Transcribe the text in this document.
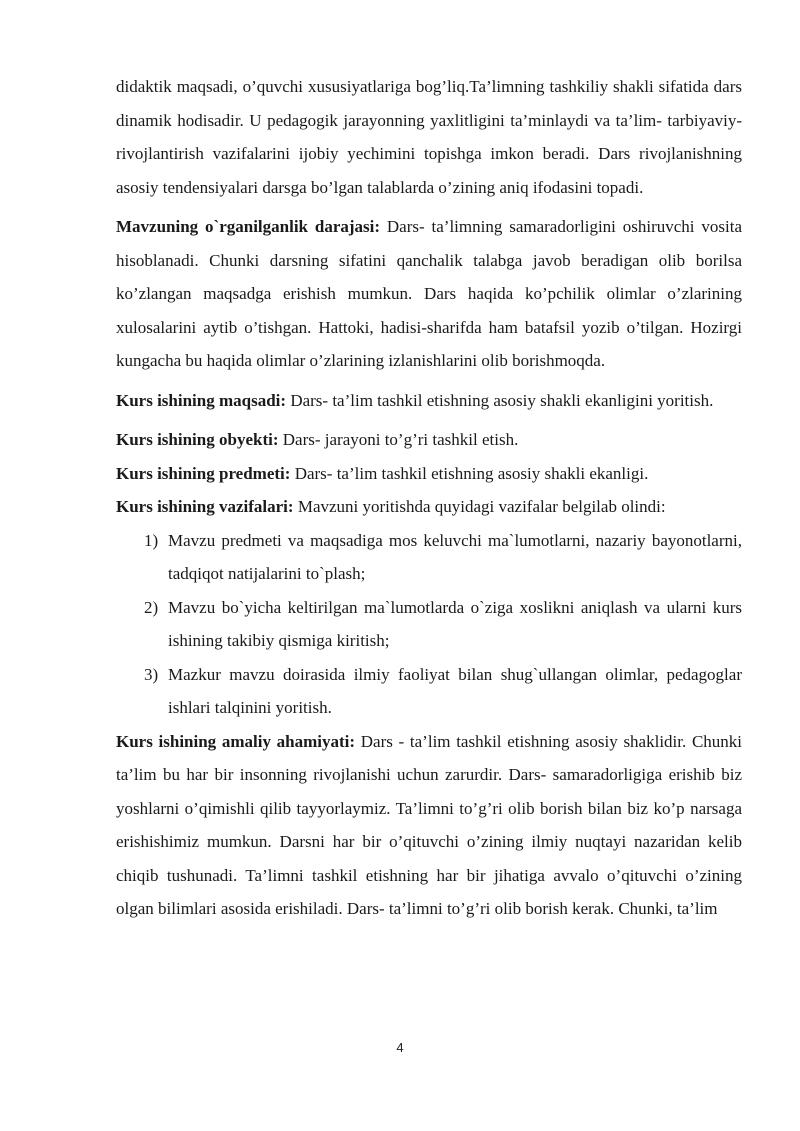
didaktik maqsadi, o’quvchi xususiyatlariga bog’liq.Ta’limning tashkiliy shakli sifatida dars dinamik hodisadir. U pedagogik jarayonning yaxlitligini ta’minlaydi va ta’lim- tarbiyaviy- rivojlantirish vazifalarini ijobiy yechimini topishga imkon beradi. Dars rivojlanishning asosiy tendensiyalari darsga bo’lgan talablarda o’zining aniq ifodasini topadi.

Mavzuning o`rganilganlik darajasi: Dars- ta’limning samaradorligini oshiruvchi vosita hisoblanadi. Chunki darsning sifatini qanchalik talabga javob beradigan olib borilsa ko’zlangan maqsadga erishish mumkun. Dars haqida ko’pchilik olimlar o’zlarining xulosalarini aytib o’tishgan. Hattoki, hadisi-sharifda ham batafsil yozib o’tilgan. Hozirgi kungacha bu haqida olimlar o’zlarining izlanishlarini olib borishmoqda.

Kurs ishining maqsadi: Dars- ta’lim tashkil etishning asosiy shakli ekanligini yoritish.

Kurs ishining obyekti: Dars- jarayoni to’g’ri tashkil etish.

Kurs ishining predmeti: Dars- ta’lim tashkil etishning asosiy shakli ekanligi.

Kurs ishining vazifalari: Mavzuni yoritishda quyidagi vazifalar belgilab olindi:

1) Mavzu predmeti va maqsadiga mos keluvchi ma`lumotlarni, nazariy bayonotlarni, tadqiqot natijalarini to`plash;
2) Mavzu bo`yicha keltirilgan ma`lumotlarda o`ziga xoslikni aniqlash va ularni kurs ishining takibiy qismiga kiritish;
3) Mazkur mavzu doirasida ilmiy faoliyat bilan shug`ullangan olimlar, pedagoglar ishlari talqinini yoritish.

Kurs ishining amaliy ahamiyati: Dars - ta’lim tashkil etishning asosiy shaklidir. Chunki ta’lim bu har bir insonning rivojlanishi uchun zarurdir. Dars- samaradorligiga erishib biz yoshlarni o’qimishli qilib tayyorlaymiz. Ta’limni to’g’ri olib borish bilan biz ko’p narsaga erishishimiz mumkun. Darsni har bir o’qituvchi o’zining ilmiy nuqtayi nazaridan kelib chiqib tushunadi. Ta’limni tashkil etishning har bir jihatiga avvalo o’qituvchi o’zining olgan bilimlari asosida erishiladi. Dars- ta’limni to’g’ri olib borish kerak. Chunki, ta’lim

4
